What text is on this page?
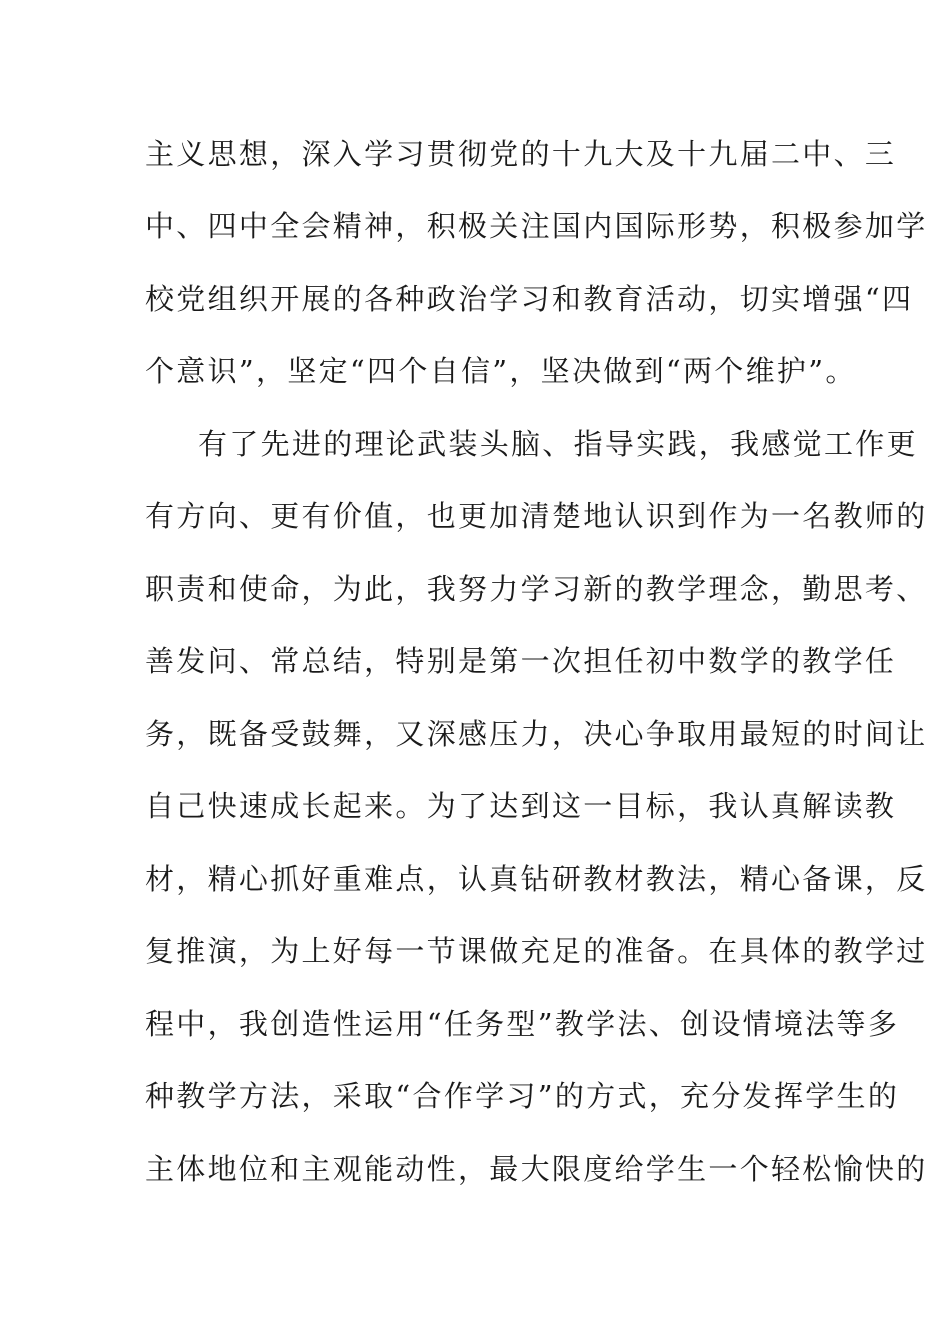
主义思想，深入学习贯彻党的十九大及十九届二中、三
中、四中全会精神，积极关注国内国际形势，积极参加学
校党组织开展的各种政治学习和教育活动，切实增强“四
个意识”，坚定“四个自信”，坚决做到“两个维护”。
有了先进的理论武装头脑、指导实践，我感觉工作更
有方向、更有价值，也更加清楚地认识到作为一名教师的
职责和使命，为此，我努力学习新的教学理念，勤思考、
善发问、常总结，特别是第一次担任初中数学的教学任
务，既备受鼓舞，又深感压力，决心争取用最短的时间让
自己快速成长起来。为了达到这一目标，我认真解读教
材，精心抓好重难点，认真钻研教材教法，精心备课，反
复推演，为上好每一节课做充足的准备。在具体的教学过
程中，我创造性运用“任务型”教学法、创设情境法等多
种教学方法，采取“合作学习”的方式，充分发挥学生的
主体地位和主观能动性，最大限度给学生一个轻松愉快的
